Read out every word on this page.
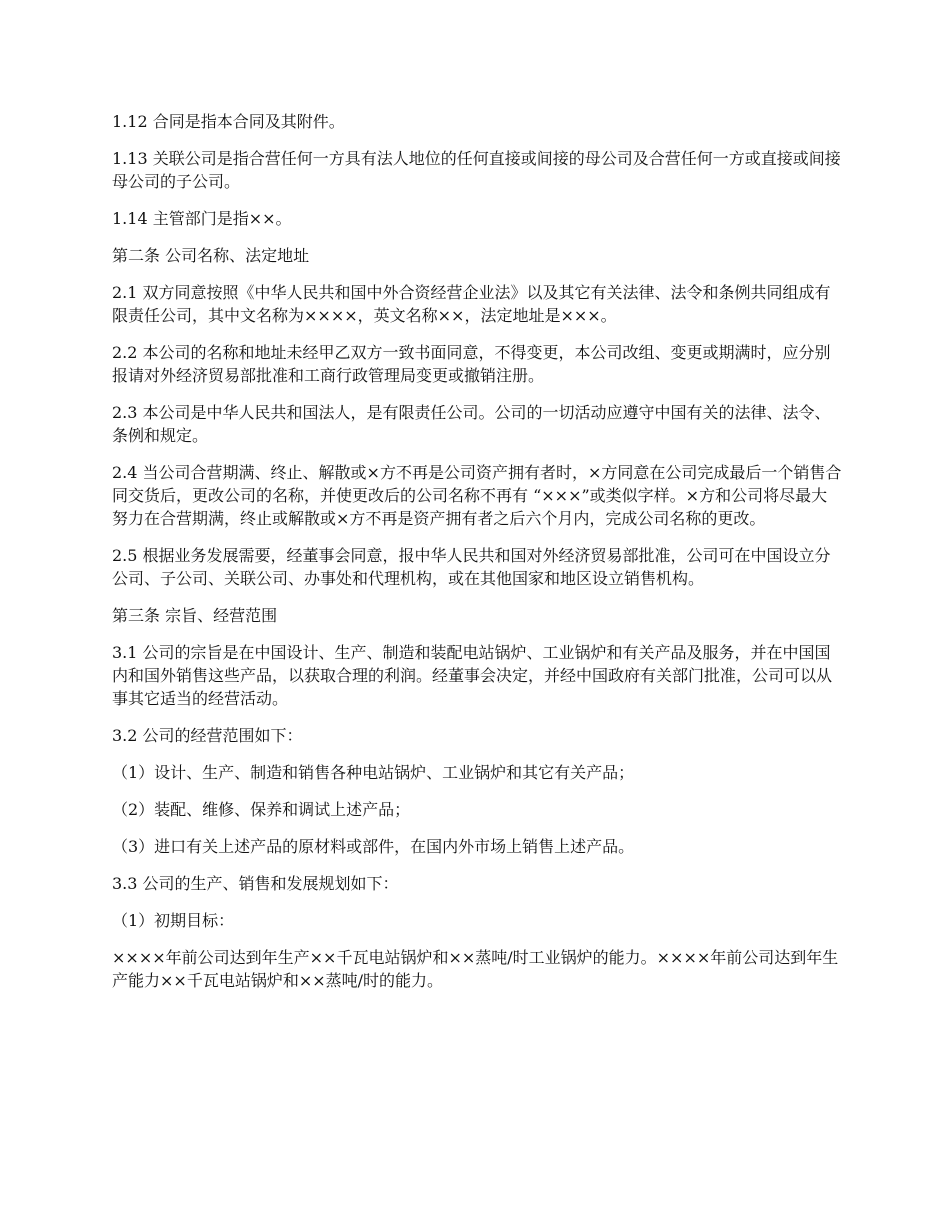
1.12 合同是指本合同及其附件。

1.13 关联公司是指合营任何一方具有法人地位的任何直接或间接的母公司及合营任何一方或直接或间接母公司的子公司。

1.14 主管部门是指××。

第二条 公司名称、法定地址

2.1 双方同意按照《中华人民共和国中外合资经营企业法》以及其它有关法律、法令和条例共同组成有限责任公司，其中文名称为××××，英文名称××，法定地址是×××。

2.2 本公司的名称和地址未经甲乙双方一致书面同意，不得变更，本公司改组、变更或期满时，应分别报请对外经济贸易部批准和工商行政管理局变更或撤销注册。

2.3 本公司是中华人民共和国法人，是有限责任公司。公司的一切活动应遵守中国有关的法律、法令、条例和规定。

2.4 当公司合营期满、终止、解散或×方不再是公司资产拥有者时，×方同意在公司完成最后一个销售合同交货后，更改公司的名称，并使更改后的公司名称不再有 “×××”或类似字样。×方和公司将尽最大努力在合营期满，终止或解散或×方不再是资产拥有者之后六个月内，完成公司名称的更改。

2.5 根据业务发展需要，经董事会同意，报中华人民共和国对外经济贸易部批准，公司可在中国设立分公司、子公司、关联公司、办事处和代理机构，或在其他国家和地区设立销售机构。

第三条 宗旨、经营范围

3.1 公司的宗旨是在中国设计、生产、制造和装配电站锅炉、工业锅炉和有关产品及服务，并在中国国内和国外销售这些产品，以获取合理的利润。经董事会决定，并经中国政府有关部门批准，公司可以从事其它适当的经营活动。

3.2 公司的经营范围如下：

（1）设计、生产、制造和销售各种电站锅炉、工业锅炉和其它有关产品；

（2）装配、维修、保养和调试上述产品；

（3）进口有关上述产品的原材料或部件，在国内外市场上销售上述产品。

3.3 公司的生产、销售和发展规划如下：

（1）初期目标：

××××年前公司达到年生产××千瓦电站锅炉和××蒸吨/时工业锅炉的能力。××××年前公司达到年生产能力××千瓦电站锅炉和××蒸吨/时的能力。
